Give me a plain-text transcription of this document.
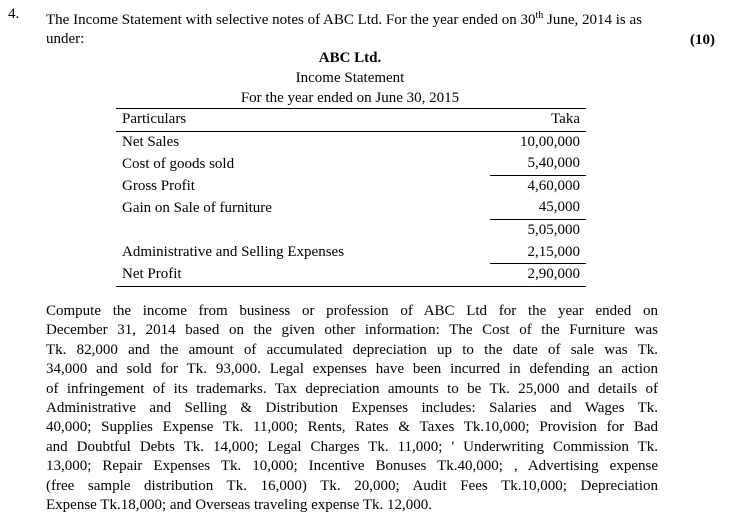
4. The Income Statement with selective notes of ABC Ltd. For the year ended on 30th June, 2014 is as under:	(10)
ABC Ltd.
Income Statement
For the year ended on June 30, 2015
Particulars	Taka
Net Sales	10,00,000
Cost of goods sold	5,40,000
Gross Profit	4,60,000
Gain on Sale of furniture	45,000
	5,05,000
Administrative and Selling Expenses	2,15,000
Net Profit	2,90,000
Compute the income from business or profession of ABC Ltd for the year ended on
December 31, 2014 based on the given other information: The Cost of the Furniture was
Tk. 82,000 and the amount of accumulated depreciation up to the date of sale was Tk.
34,000 and sold for Tk. 93,000. Legal expenses have been incurred in defending an action
of infringement of its trademarks. Tax depreciation amounts to be Tk. 25,000 and details of
Administrative and Selling & Distribution Expenses includes: Salaries and Wages Tk.
40,000; Supplies Expense Tk. 11,000; Rents, Rates & Taxes Tk.10,000; Provision for Bad
and Doubtful Debts Tk. 14,000; Legal Charges Tk. 11,000; ' Underwriting Commission Tk.
13,000; Repair Expenses Tk. 10,000; Incentive Bonuses Tk.40,000; , Advertising expense
(free sample distribution Tk. 16,000) Tk. 20,000; Audit Fees Tk.10,000; Depreciation
Expense Tk.18,000; and Overseas traveling expense Tk. 12,000.
